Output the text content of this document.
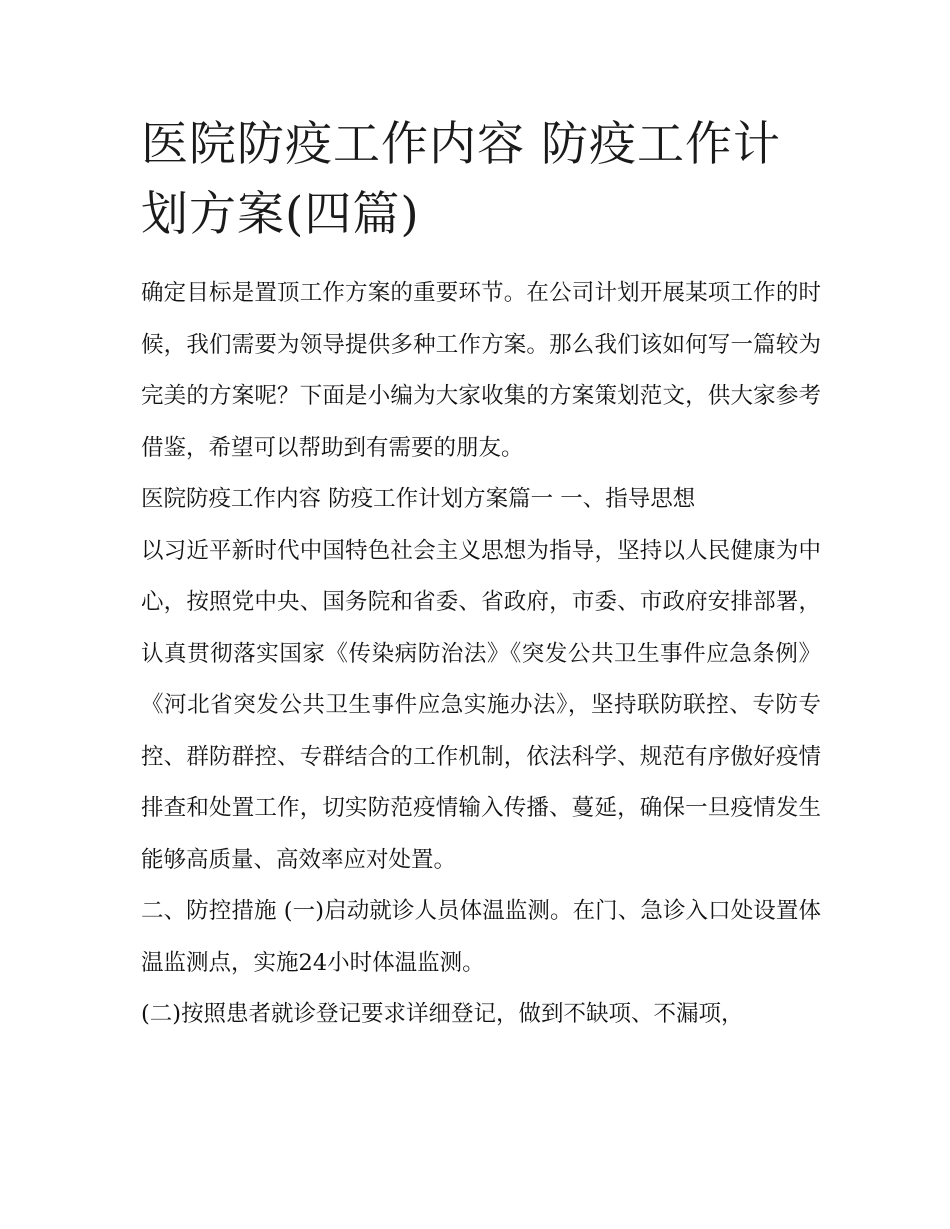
医院防疫工作内容 防疫工作计划方案(四篇)

确定目标是置顶工作方案的重要环节。在公司计划开展某项工作的时候，我们需要为领导提供多种工作方案。那么我们该如何写一篇较为完美的方案呢？下面是小编为大家收集的方案策划范文，供大家参考借鉴，希望可以帮助到有需要的朋友。

医院防疫工作内容 防疫工作计划方案篇一 一、指导思想

以习近平新时代中国特色社会主义思想为指导，坚持以人民健康为中心，按照党中央、国务院和省委、省政府，市委、市政府安排部署，认真贯彻落实国家《传染病防治法》《突发公共卫生事件应急条例》《河北省突发公共卫生事件应急实施办法》，坚持联防联控、专防专控、群防群控、专群结合的工作机制，依法科学、规范有序傲好疫情排查和处置工作，切实防范疫情输入传播、蔓延，确保一旦疫情发生能够高质量、高效率应对处置。

二、防控措施 (一)启动就诊人员体温监测。在门、急诊入口处设置体温监测点，实施24小时体温监测。

(二)按照患者就诊登记要求详细登记，做到不缺项、不漏项，
